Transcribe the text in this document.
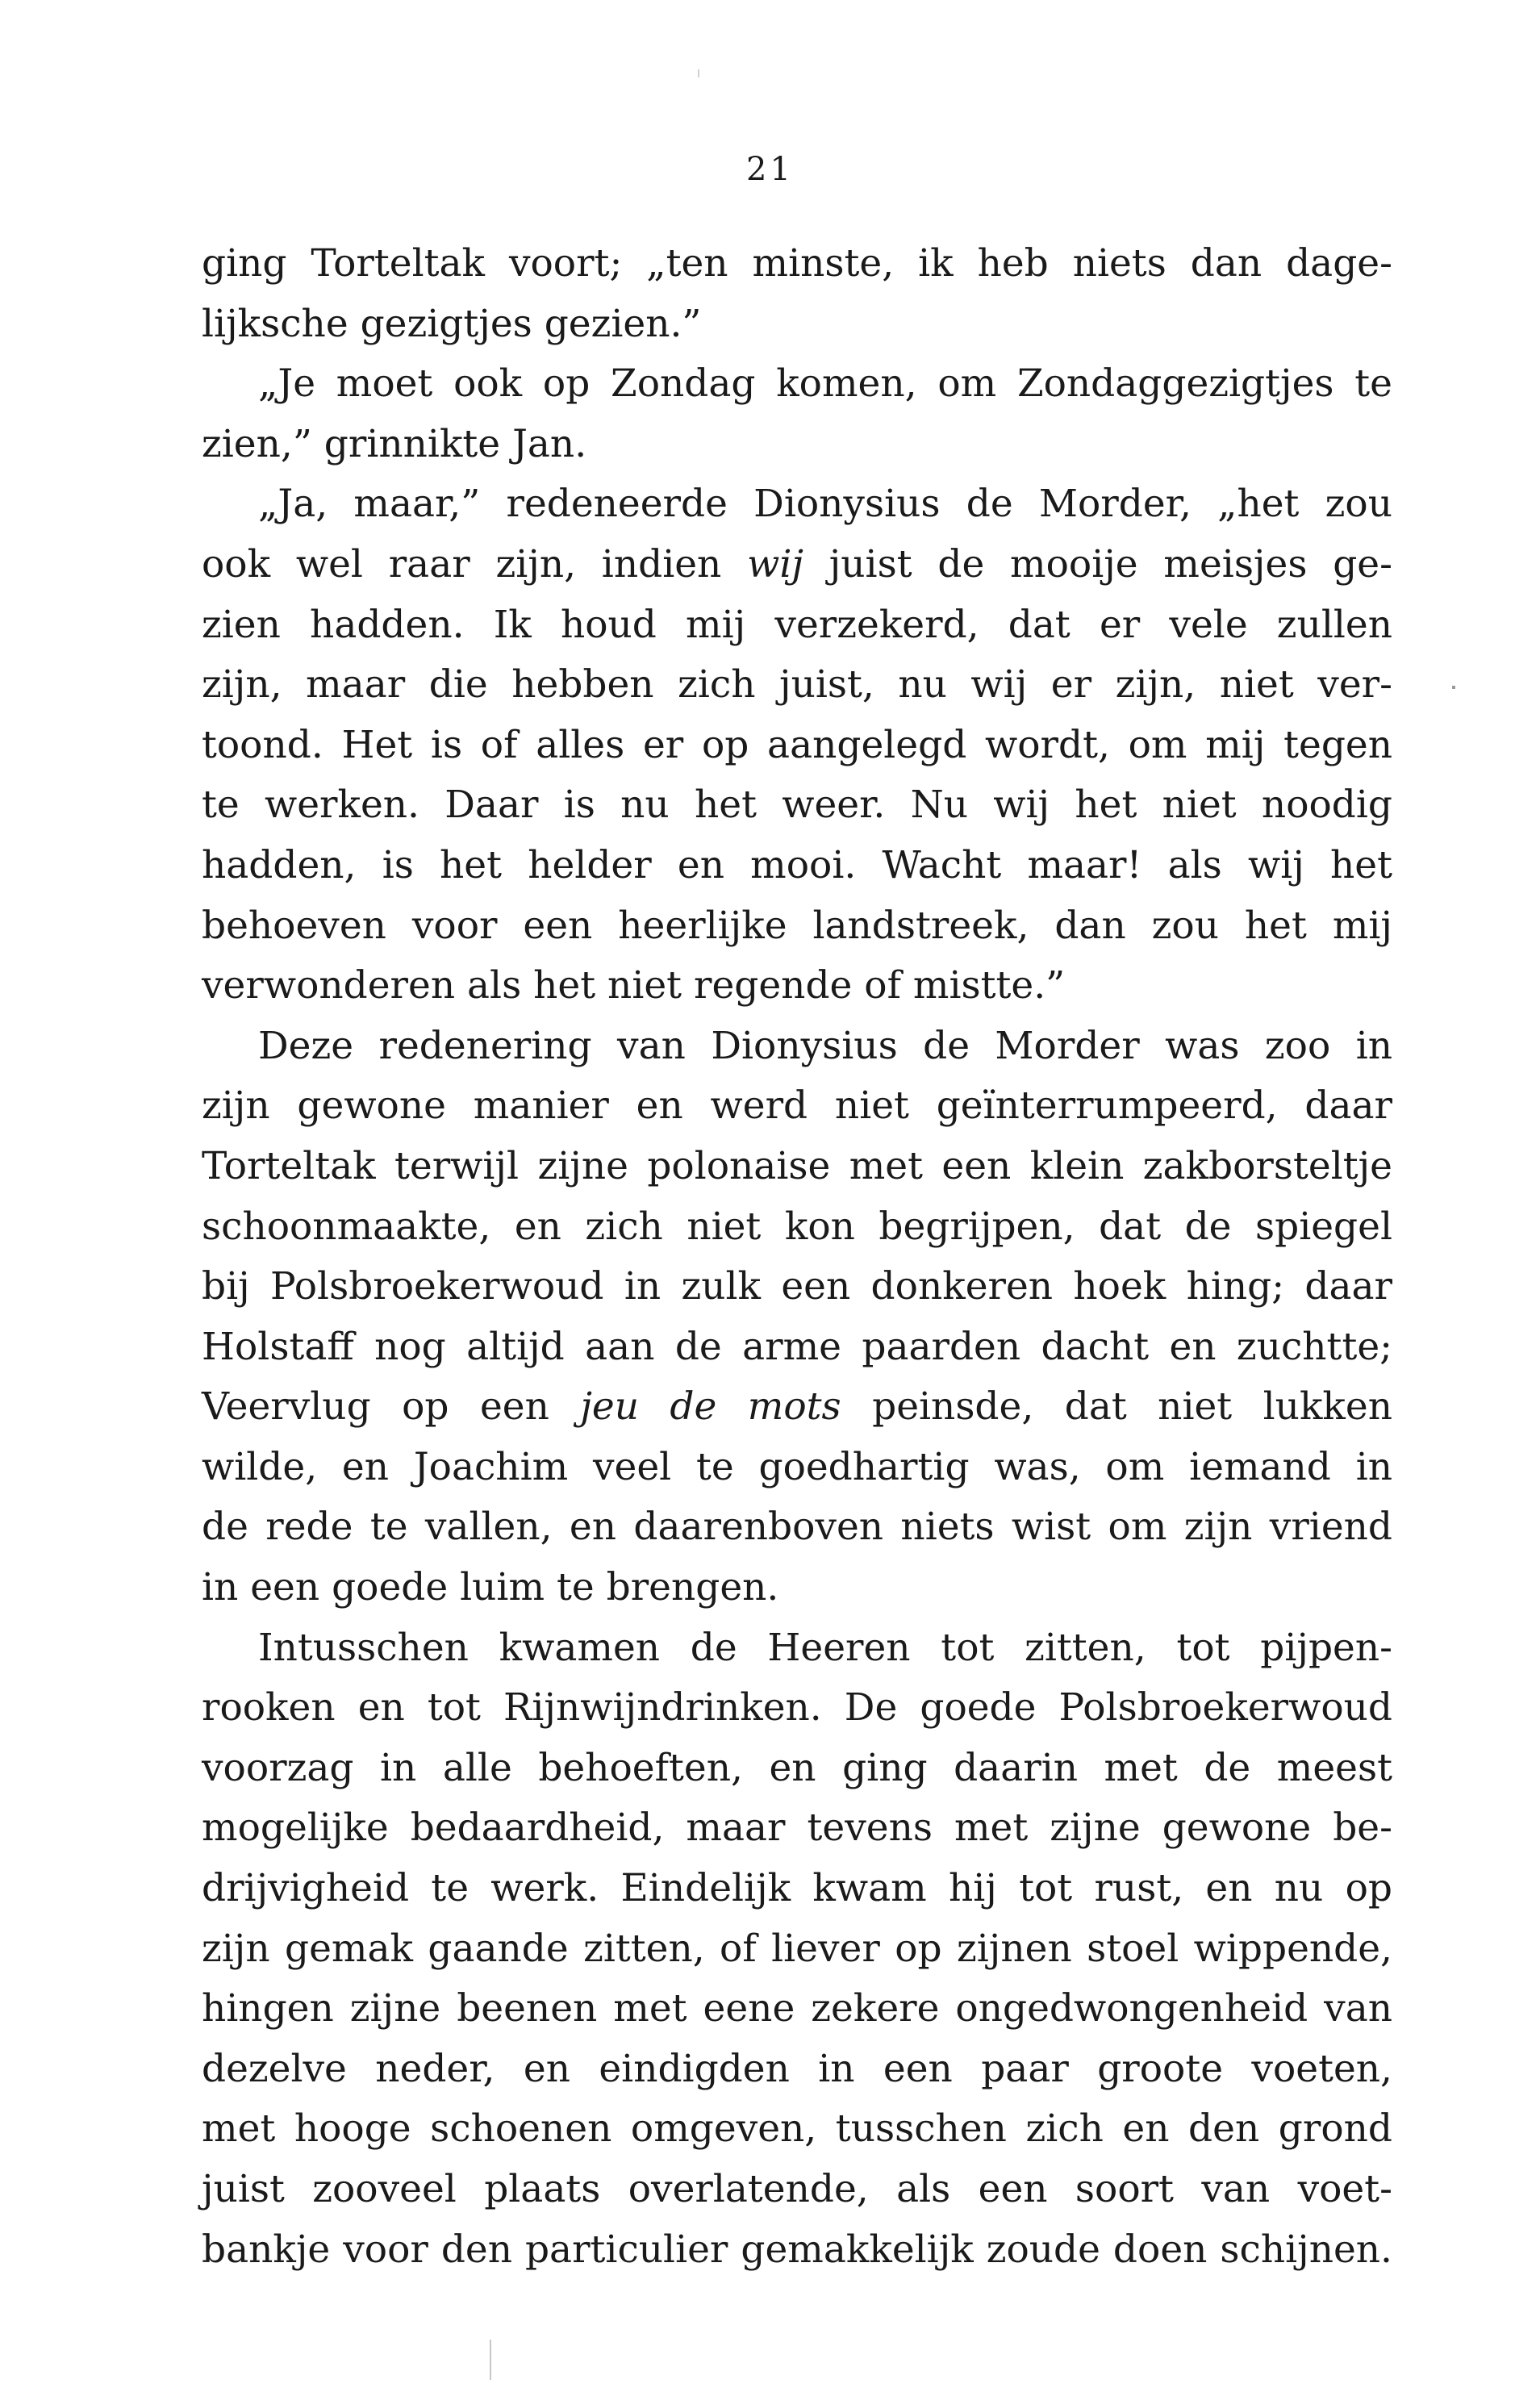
21
ging Torteltak voort; „ten minste, ik heb niets dan dage-
lijksche gezigtjes gezien.”
„Je moet ook op Zondag komen, om Zondaggezigtjes te
zien,” grinnikte Jan.
„Ja, maar,” redeneerde Dionysius de Morder, „het zou
ook wel raar zijn, indien wij juist de mooije meisjes ge-
zien hadden. Ik houd mij verzekerd, dat er vele zullen
zijn, maar die hebben zich juist, nu wij er zijn, niet ver-
toond. Het is of alles er op aangelegd wordt, om mij tegen
te werken. Daar is nu het weer. Nu wij het niet noodig
hadden, is het helder en mooi. Wacht maar! als wij het
behoeven voor een heerlijke landstreek, dan zou het mij
verwonderen als het niet regende of mistte.”
Deze redenering van Dionysius de Morder was zoo in
zijn gewone manier en werd niet geïnterrumpeerd, daar
Torteltak terwijl zijne polonaise met een klein zakborsteltje
schoonmaakte, en zich niet kon begrijpen, dat de spiegel
bij Polsbroekerwoud in zulk een donkeren hoek hing; daar
Holstaff nog altijd aan de arme paarden dacht en zuchtte;
Veervlug op een jeu de mots peinsde, dat niet lukken
wilde, en Joachim veel te goedhartig was, om iemand in
de rede te vallen, en daarenboven niets wist om zijn vriend
in een goede luim te brengen.
Intusschen kwamen de Heeren tot zitten, tot pijpen-
rooken en tot Rijnwijndrinken. De goede Polsbroekerwoud
voorzag in alle behoeften, en ging daarin met de meest
mogelijke bedaardheid, maar tevens met zijne gewone be-
drijvigheid te werk. Eindelijk kwam hij tot rust, en nu op
zijn gemak gaande zitten, of liever op zijnen stoel wippende,
hingen zijne beenen met eene zekere ongedwongenheid van
dezelve neder, en eindigden in een paar groote voeten,
met hooge schoenen omgeven, tusschen zich en den grond
juist zooveel plaats overlatende, als een soort van voet-
bankje voor den particulier gemakkelijk zoude doen schijnen.
